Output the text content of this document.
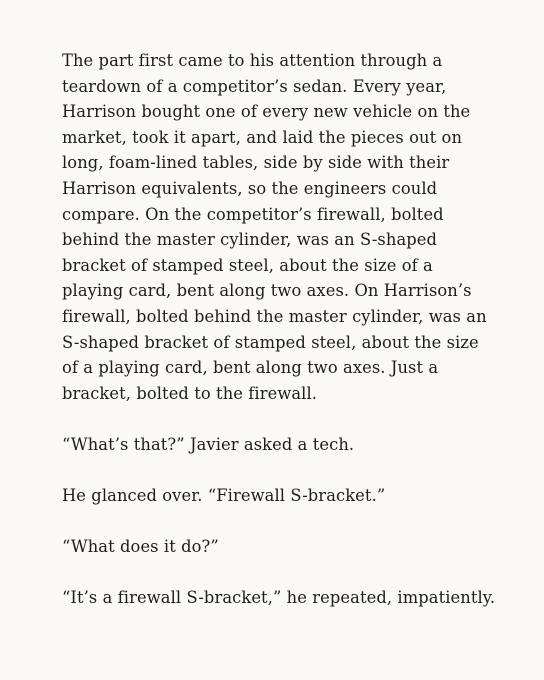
The part first came to his attention through a
teardown of a competitor’s sedan. Every year,
Harrison bought one of every new vehicle on the
market, took it apart, and laid the pieces out on
long, foam-lined tables, side by side with their
Harrison equivalents, so the engineers could
compare. On the competitor’s firewall, bolted
behind the master cylinder, was an S-shaped
bracket of stamped steel, about the size of a
playing card, bent along two axes. On Harrison’s
firewall, bolted behind the master cylinder, was an
S-shaped bracket of stamped steel, about the size
of a playing card, bent along two axes. Just a
bracket, bolted to the firewall.

“What’s that?” Javier asked a tech.

He glanced over. “Firewall S-bracket.”

“What does it do?”

“It’s a firewall S-bracket,” he repeated, impatiently.
